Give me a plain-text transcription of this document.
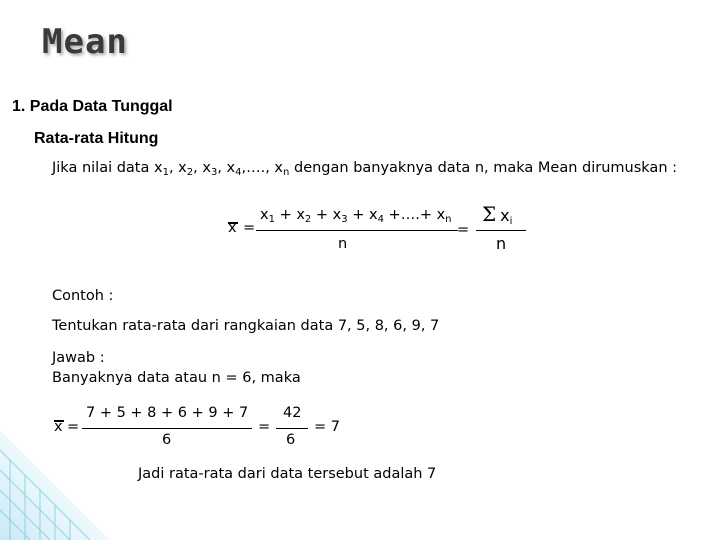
Mean
1. Pada Data Tunggal
Rata-rata Hitung
Jika nilai data $x_1$, $x_2$, $x_3$, $x_4,\dots$., $x_n$ dengan banyaknya data n, maka Mean dirumuskan :
x =
$x_1 + x_2 + x_3 + x_4$ +….+ $x_n$
n
=
Σ $x_i$
n
Contoh :
Tentukan rata-rata dari rangkaian data 7, 5, 8, 6, 9, 7
Jawab :
Banyaknya data atau n = 6, maka
x =
7 + 5 + 8 + 6 + 9 + 7
6
=
42
6
= 7
Jadi rata-rata dari data tersebut adalah 7
